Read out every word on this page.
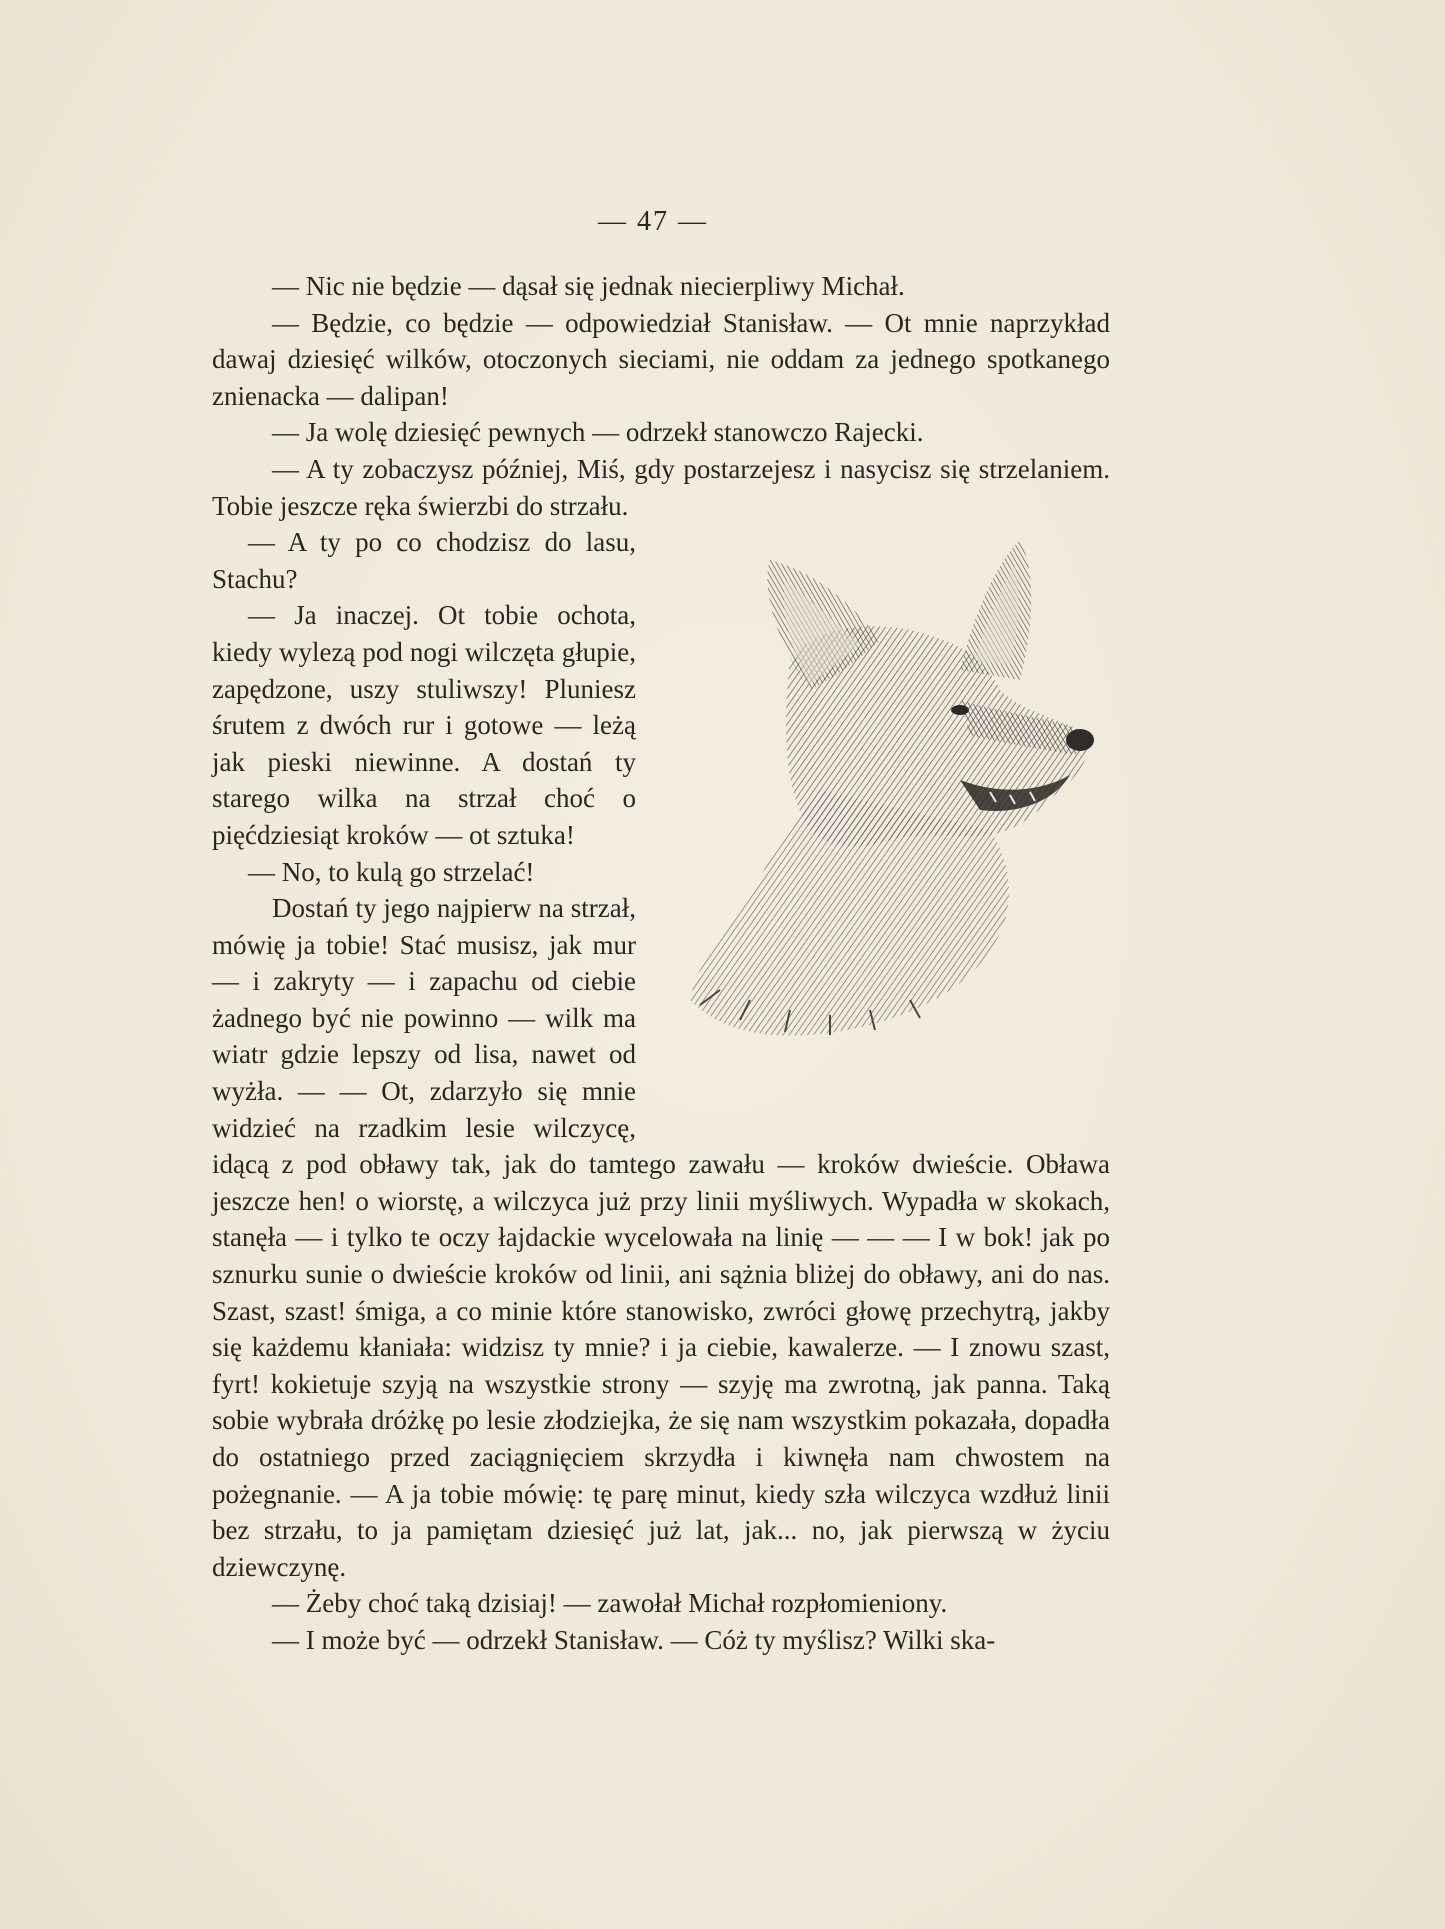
— 47 —

— Nic nie będzie — dąsał się jednak niecierpliwy Michał.

— Będzie, co będzie — odpowiedział Stanisław. — Ot mnie naprzykład dawaj dziesięć wilków, otoczonych sieciami, nie oddam za jednego spotkanego znienacka — dalipan!

— Ja wolę dziesięć pewnych — odrzekł stanowczo Rajecki.

— A ty zobaczysz później, Miś, gdy postarzejesz i nasycisz się strzelaniem. Tobie jeszcze ręka świerzbi do strzału.

— A ty po co chodzisz do lasu, Stachu?

— Ja inaczej. Ot tobie ochota, kiedy wylezą pod nogi wilczęta głupie, zapędzone, uszy stuliwszy! Pluniesz śrutem z dwóch rur i gotowe — leżą jak pieski niewinne. A dostań ty starego wilka na strzał choć o pięćdziesiąt kroków — ot sztuka!

— No, to kulą go strzelać!

Dostań ty jego najpierw na strzał, mówię ja tobie! Stać musisz, jak mur — i zakryty — i zapachu od ciebie żadnego być nie powinno — wilk ma wiatr gdzie lepszy od lisa, nawet od wyżła. — — Ot, zdarzyło się mnie widzieć na rzadkim lesie wilczycę, idącą z pod obławy tak, jak do tamtego zawału — kroków dwieście. Obława jeszcze hen! o wiorstę, a wilczyca już przy linii myśliwych. Wypadła w skokach, stanęła — i tylko te oczy łajdackie wycelowała na linię — — — I w bok! jak po sznurku sunie o dwieście kroków od linii, ani sążnia bliżej do obławy, ani do nas. Szast, szast! śmiga, a co minie które stanowisko, zwróci głowę przechytrą, jakby się każdemu kłaniała: widzisz ty mnie? i ja ciebie, kawalerze. — I znowu szast, fyrt! kokietuje szyją na wszystkie strony — szyję ma zwrotną, jak panna. Taką sobie wybrała dróżkę po lesie złodziejka, że się nam wszystkim pokazała, dopadła do ostatniego przed zaciągnięciem skrzydła i kiwnęła nam chwostem na pożegnanie. — A ja tobie mówię: tę parę minut, kiedy szła wilczyca wzdłuż linii bez strzału, to ja pamiętam dziesięć już lat, jak... no, jak pierwszą w życiu dziewczynę.

— Żeby choć taką dzisiaj! — zawołał Michał rozpłomieniony.

— I może być — odrzekł Stanisław. — Cóż ty myślisz? Wilki ska-
